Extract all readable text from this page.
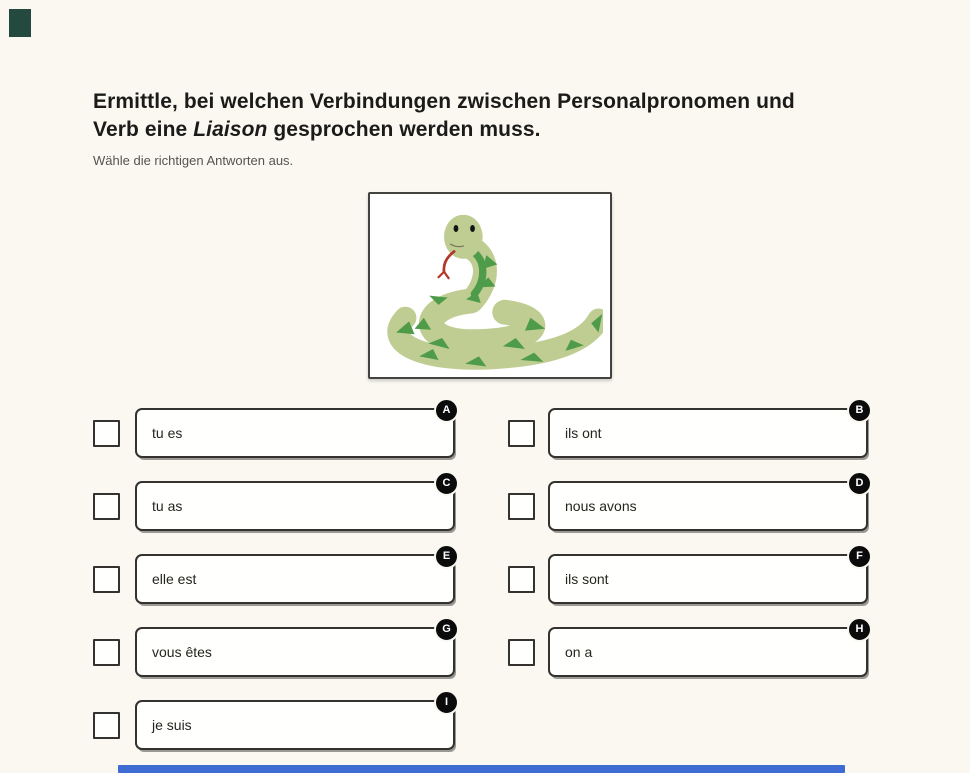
Ermittle, bei welchen Verbindungen zwischen Personalpronomen und
Verb eine Liaison gesprochen werden muss.

Wähle die richtigen Antworten aus.

tu es
A
tu as
C
elle est
E
vous êtes
G
je suis
I
ils ont
B
nous avons
D
ils sont
F
on a
H
